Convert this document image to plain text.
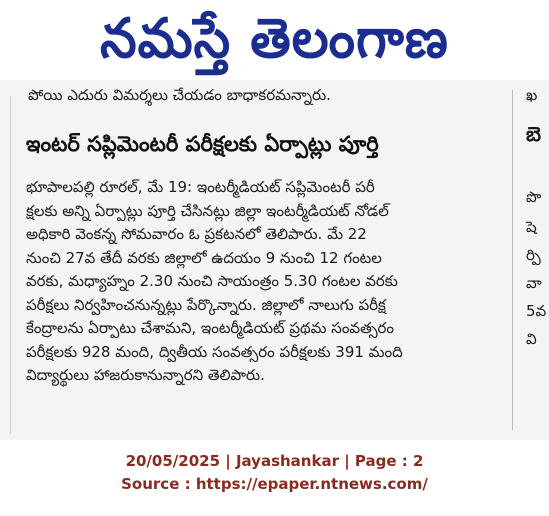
నమస్తే తెలంగాణ
పోయి ఎదురు విమర్శలు చేయడం బాధాకరమన్నారు.
ఇంటర్ సప్లిమెంటరీ పరీక్షలకు ఏర్పాట్లు పూర్తి
భూపాలపల్లి రూరల్, మే 19: ఇంటర్మీడియట్ సప్లిమెంటరీ పరీ
క్షలకు అన్ని ఏర్పాట్లు పూర్తి చేసినట్లు జిల్లా ఇంటర్మీడియట్ నోడల్
అధికారి వెంకన్న సోమవారం ఓ ప్రకటనలో తెలిపారు. మే 22
నుంచి 27వ తేదీ వరకు జిల్లాలో ఉదయం 9 నుంచి 12 గంటల
వరకు, మధ్యాహ్నం 2.30 నుంచి సాయంత్రం 5.30 గంటల వరకు
పరీక్షలు నిర్వహించనున్నట్లు పేర్కొన్నారు. జిల్లాలో నాలుగు పరీక్ష
కేంద్రాలను ఏర్పాటు చేశామని, ఇంటర్మీడియట్ ప్రథమ సంవత్సరం
పరీక్షలకు 928 మంది, ద్వితీయ సంవత్సరం పరీక్షలకు 391 మంది
విద్యార్థులు హాజరుకానున్నారని తెలిపారు.
ఖ
బె
పొ
షె
ర్పి
వా
5వ
వి
20/05/2025 | Jayashankar | Page : 2
Source : https://epaper.ntnews.com/
